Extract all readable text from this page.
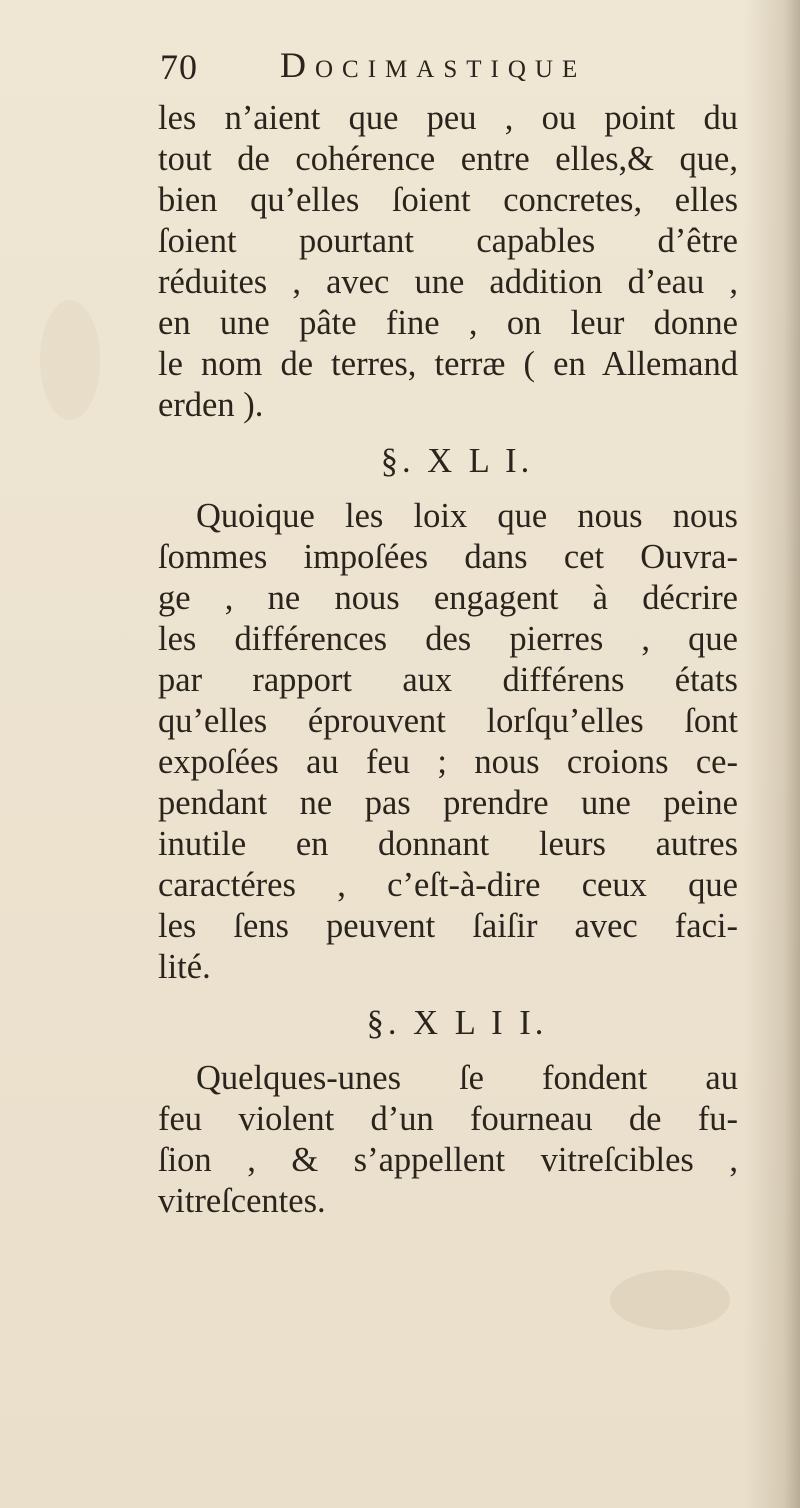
70 Docimastique
les n’aient que peu , ou point du
tout de cohérence entre elles,& que,
bien qu’elles ſoient concretes, elles
ſoient pourtant capables d’être
réduites , avec une addition d’eau ,
en une pâte fine , on leur donne
le nom de terres, terræ ( en Allemand
erden ).
§. X L I.
Quoique les loix que nous nous
ſommes impoſées dans cet Ouvra-
ge , ne nous engagent à décrire
les différences des pierres , que
par rapport aux différens états
qu’elles éprouvent lorſqu’elles ſont
expoſées au feu ; nous croions ce-
pendant ne pas prendre une peine
inutile en donnant leurs autres
caractéres , c’eſt-à-dire ceux que
les ſens peuvent ſaiſir avec faci-
lité.
§. X L I I.
Quelques-unes ſe fondent au
feu violent d’un fourneau de fu-
ſion , & s’appellent vitreſcibles ,
vitreſcentes.
